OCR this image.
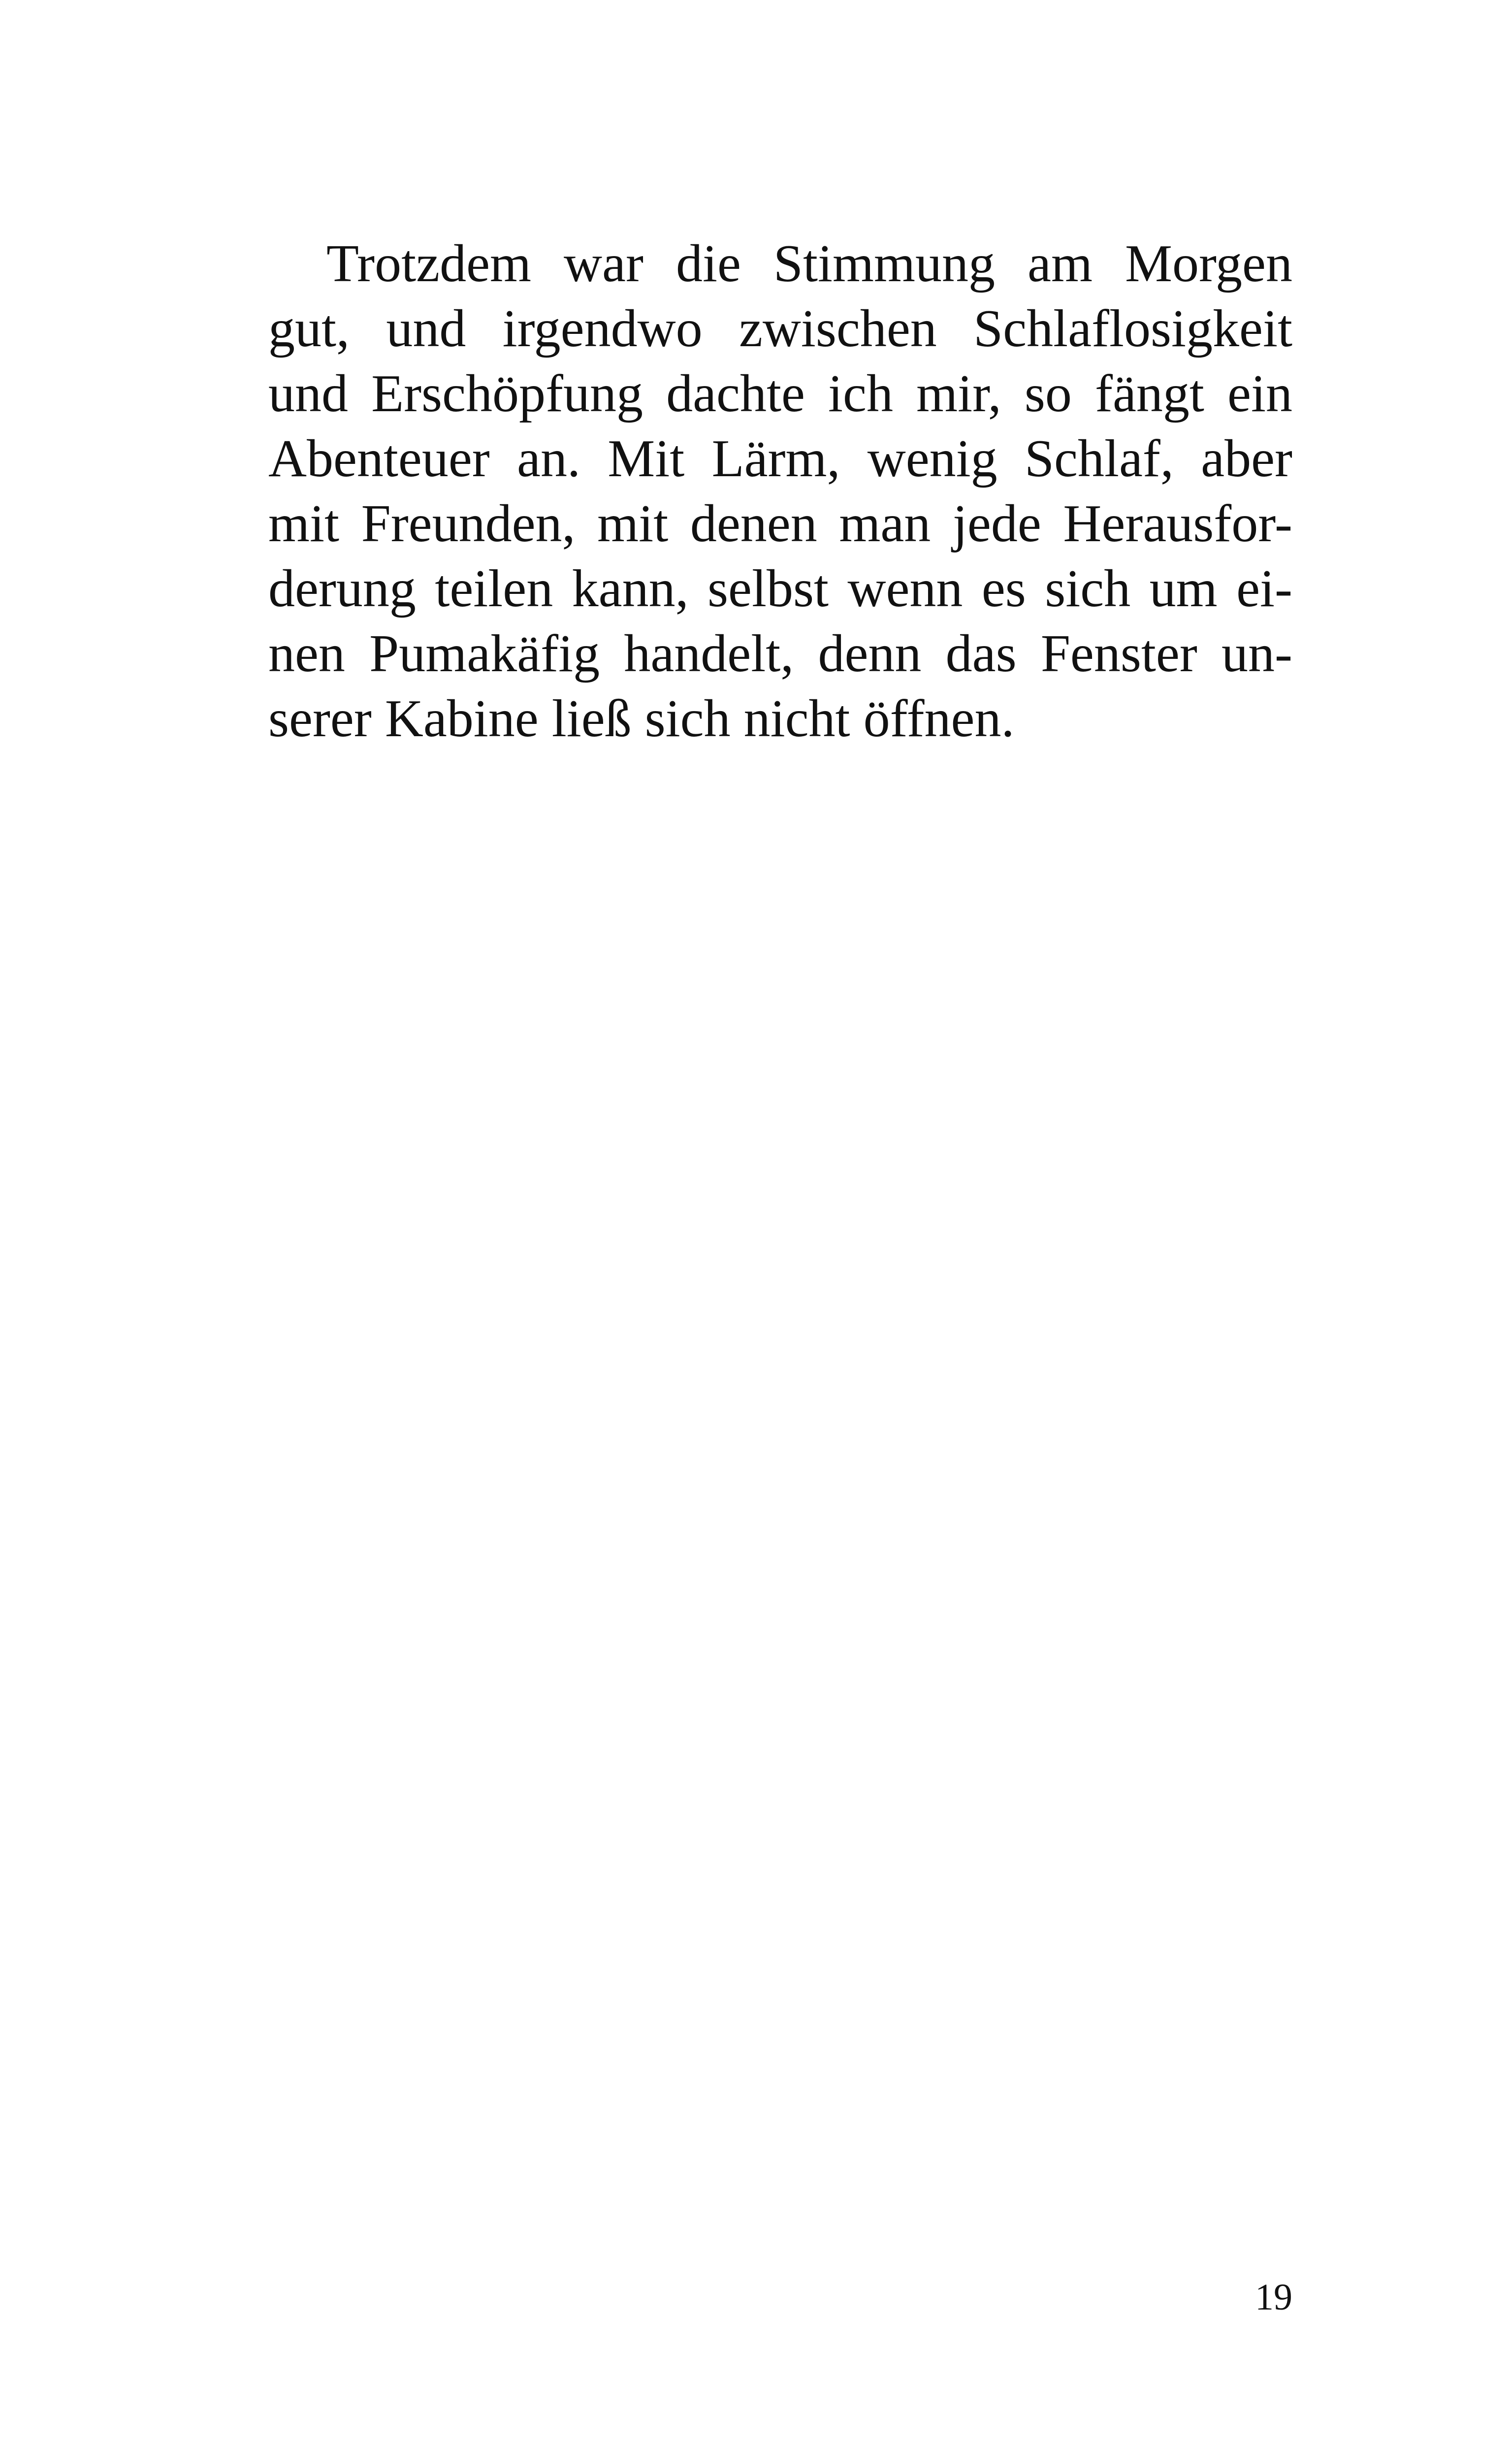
Trotzdem war die Stimmung am Morgen
gut, und irgendwo zwischen Schlaflosigkeit
und Erschöpfung dachte ich mir, so fängt ein
Abenteuer an. Mit Lärm, wenig Schlaf, aber
mit Freunden, mit denen man jede Herausfor-
derung teilen kann, selbst wenn es sich um ei-
nen Pumakäfig handelt, denn das Fenster un-
serer Kabine ließ sich nicht öffnen.
19
